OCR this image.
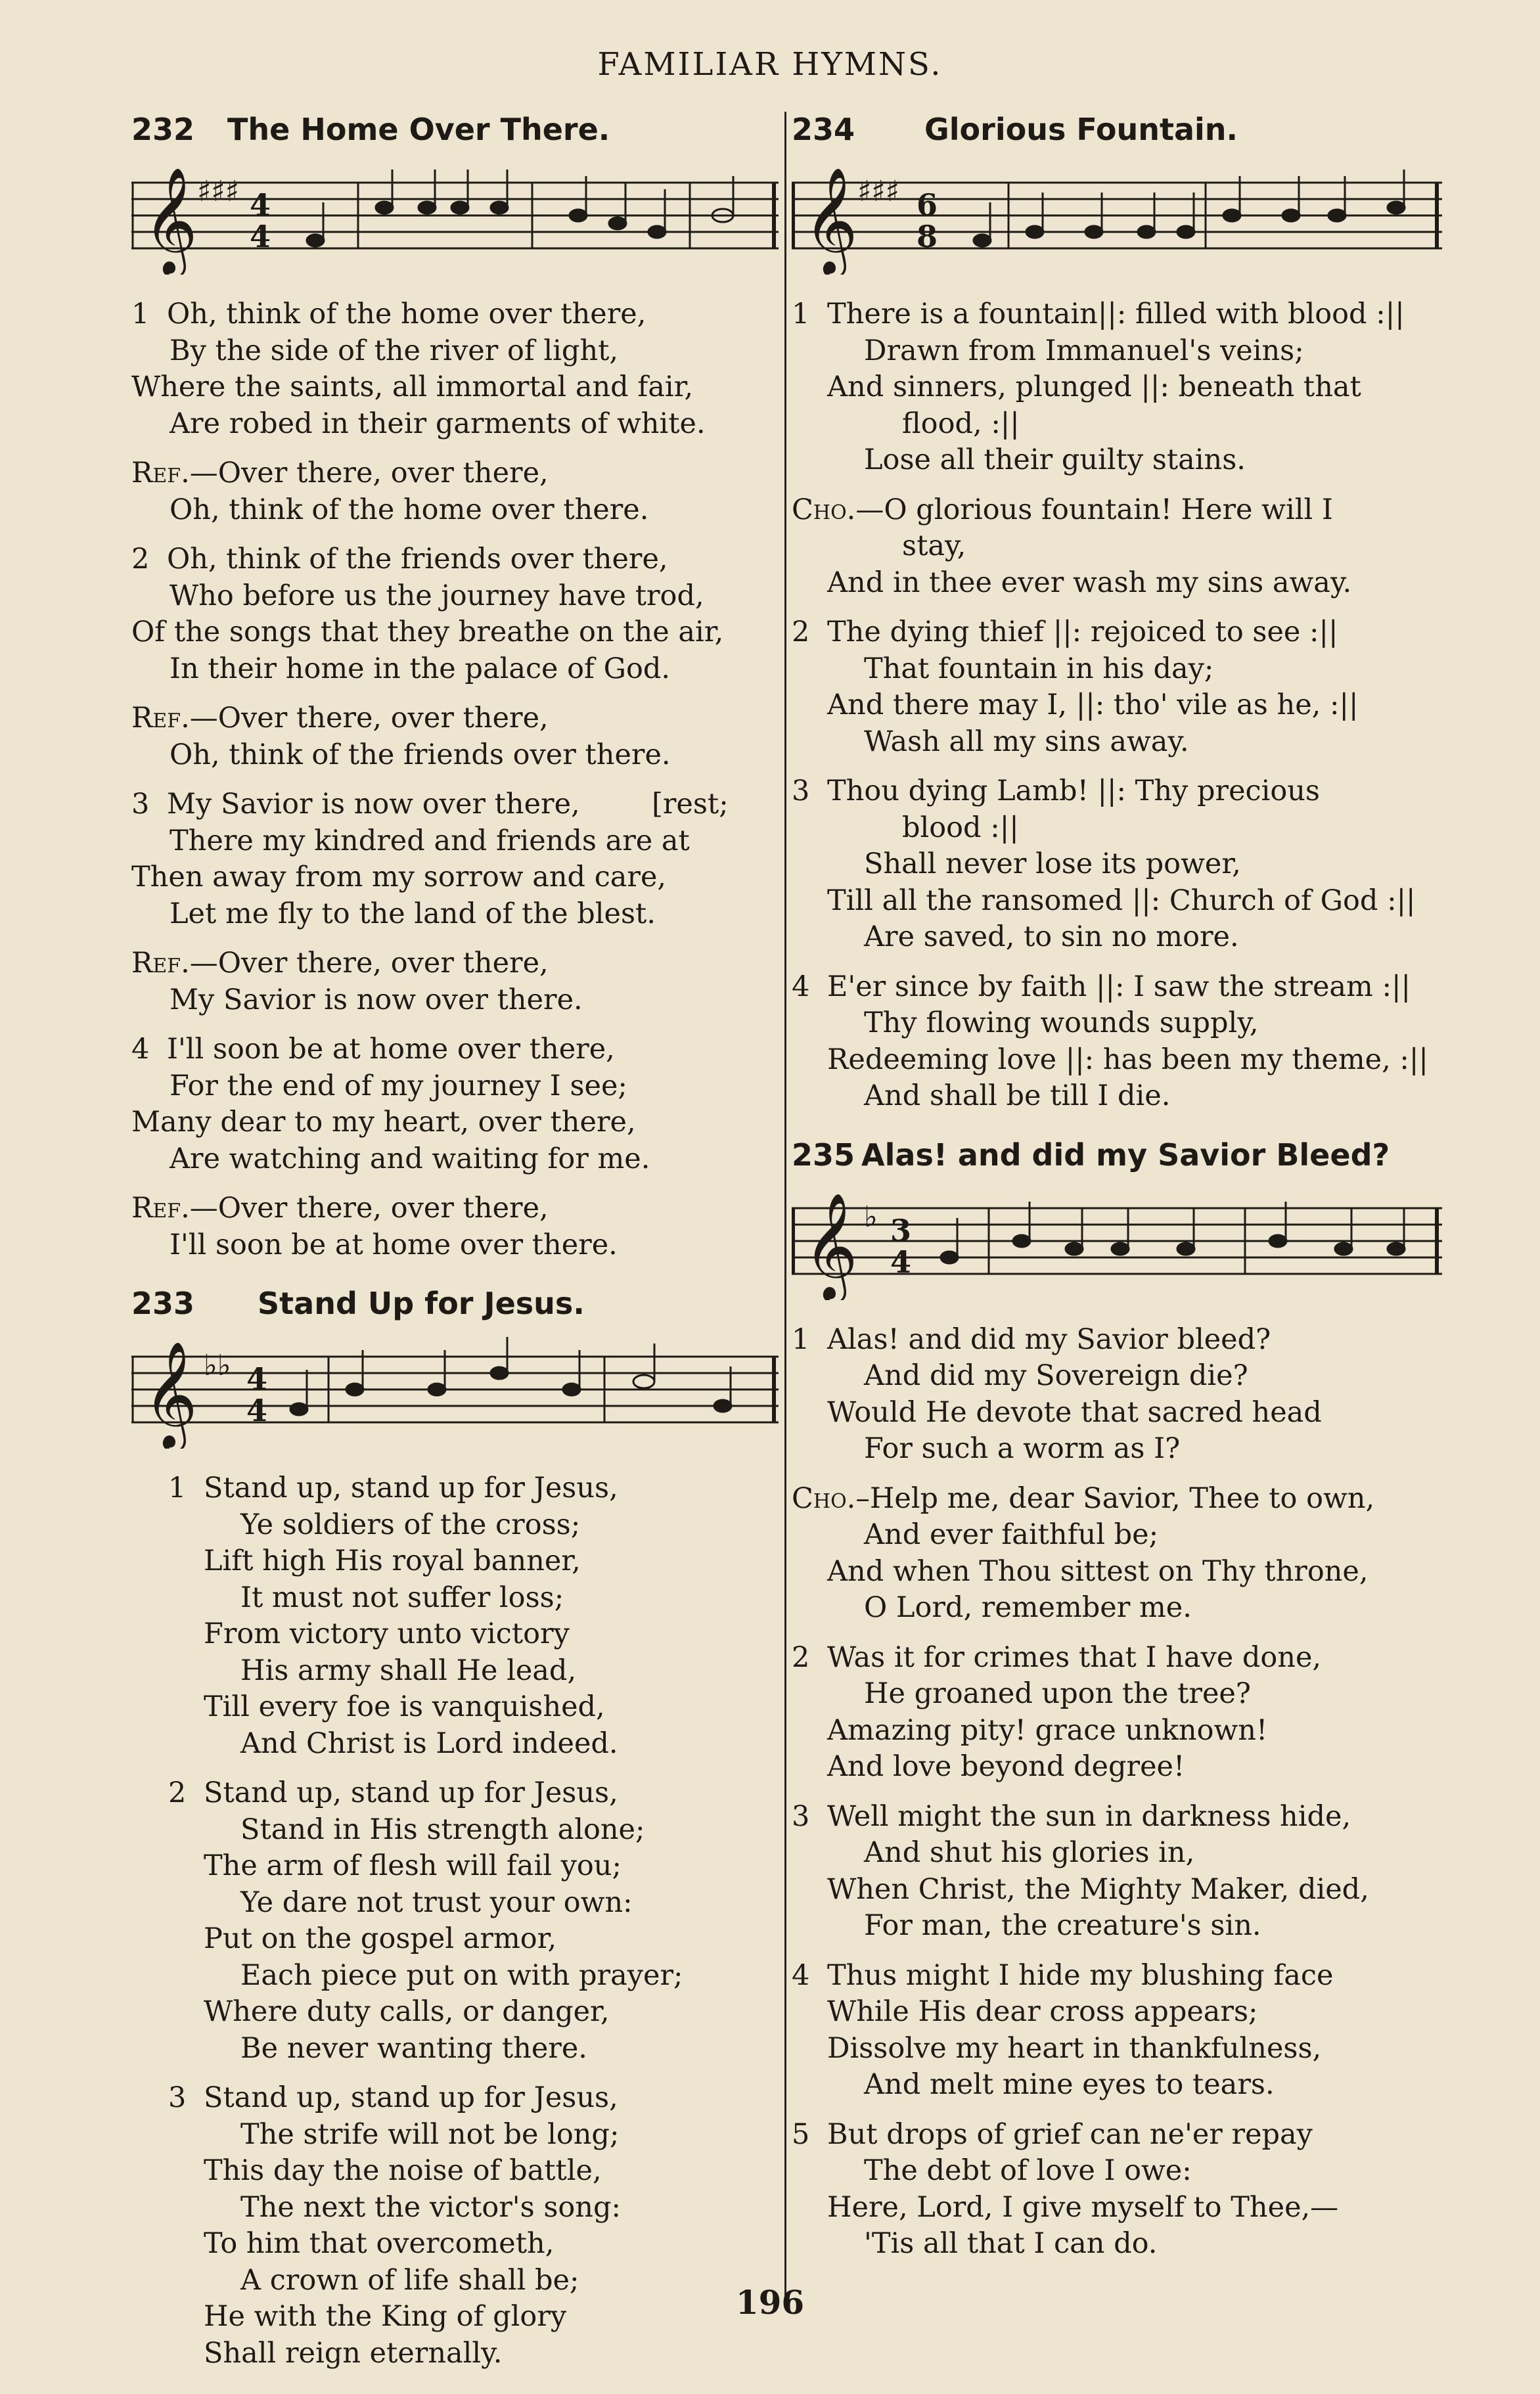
FAMILIAR HYMNS.
232 The Home Over There.
𝄞 ♯♯♯ 4
4
1 Oh, think of the home over there,
By the side of the river of light,
Where the saints, all immortal and fair,
Are robed in their garments of white.
Ref.—Over there, over there,
Oh, think of the home over there.
2 Oh, think of the friends over there,
Who before us the journey have trod,
Of the songs that they breathe on the air,
In their home in the palace of God.
Ref.—Over there, over there,
Oh, think of the friends over there.
3 My Savior is now over there,        [rest;
There my kindred and friends are at
Then away from my sorrow and care,
Let me fly to the land of the blest.
Ref.—Over there, over there,
My Savior is now over there.
4 I'll soon be at home over there,
For the end of my journey I see;
Many dear to my heart, over there,
Are watching and waiting for me.
Ref.—Over there, over there,
I'll soon be at home over there.
233 Stand Up for Jesus.
𝄞 ♭♭ 4
4
1 Stand up, stand up for Jesus,
Ye soldiers of the cross;
Lift high His royal banner,
It must not suffer loss;
From victory unto victory
His army shall He lead,
Till every foe is vanquished,
And Christ is Lord indeed.
2 Stand up, stand up for Jesus,
Stand in His strength alone;
The arm of flesh will fail you;
Ye dare not trust your own:
Put on the gospel armor,
Each piece put on with prayer;
Where duty calls, or danger,
Be never wanting there.
3 Stand up, stand up for Jesus,
The strife will not be long;
This day the noise of battle,
The next the victor's song:
To him that overcometh,
A crown of life shall be;
He with the King of glory
Shall reign eternally.
234 Glorious Fountain.
𝄞 ♯♯♯ 6
8
1 There is a fountain||: filled with blood :||
Drawn from Immanuel's veins;
And sinners, plunged ||: beneath that
flood, :||
Lose all their guilty stains.
Cho.—O glorious fountain! Here will I
stay,
And in thee ever wash my sins away.
2 The dying thief ||: rejoiced to see :||
That fountain in his day;
And there may I, ||: tho' vile as he, :||
Wash all my sins away.
3 Thou dying Lamb! ||: Thy precious
blood :||
Shall never lose its power,
Till all the ransomed ||: Church of God :||
Are saved, to sin no more.
4 E'er since by faith ||: I saw the stream :||
Thy flowing wounds supply,
Redeeming love ||: has been my theme, :||
And shall be till I die.
235 Alas! and did my Savior Bleed?
𝄞 ♭ 3
4
1 Alas! and did my Savior bleed?
And did my Sovereign die?
Would He devote that sacred head
For such a worm as I?
Cho.–Help me, dear Savior, Thee to own,
And ever faithful be;
And when Thou sittest on Thy throne,
O Lord, remember me.
2 Was it for crimes that I have done,
He groaned upon the tree?
Amazing pity! grace unknown!
And love beyond degree!
3 Well might the sun in darkness hide,
And shut his glories in,
When Christ, the Mighty Maker, died,
For man, the creature's sin.
4 Thus might I hide my blushing face
While His dear cross appears;
Dissolve my heart in thankfulness,
And melt mine eyes to tears.
5 But drops of grief can ne'er repay
The debt of love I owe:
Here, Lord, I give myself to Thee,—
'Tis all that I can do.
196
